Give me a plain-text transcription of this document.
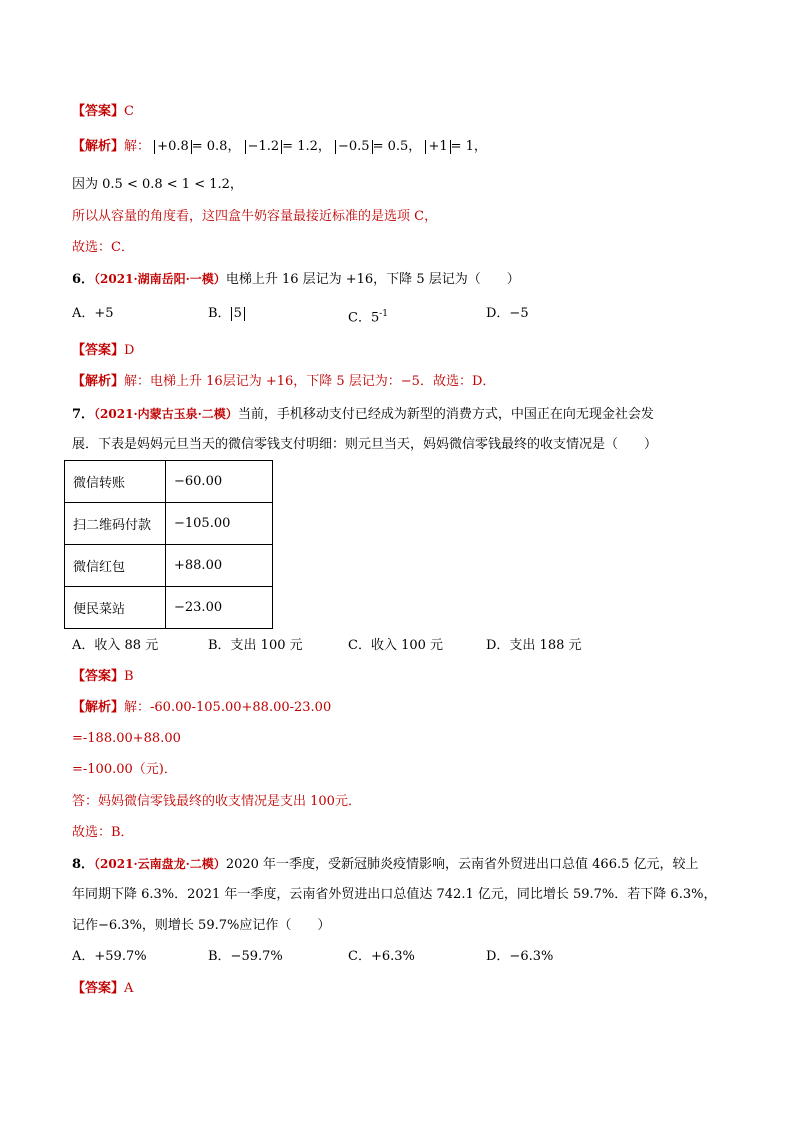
【答案】C
【解析】解： +0.8 = 0.8， −1.2 = 1.2， −0.5 = 0.5， +1 = 1，
因为 0.5 < 0.8 < 1 < 1.2，
所以从容量的角度看，这四盒牛奶容量最接近标准的是选项 C，
故选：C．
6．（2021·湖南岳阳·一模）电梯上升 16 层记为 +16，下降 5 层记为（　　）
A．+5	B． 5	C．$5^{-1}$	D．−5
【答案】D
【解析】解：电梯上升 16层记为 +16，下降 5 层记为：−5．故选：D．
7．（2021·内蒙古玉泉·二模）当前，手机移动支付已经成为新型的消费方式，中国正在向无现金社会发
展．下表是妈妈元旦当天的微信零钱支付明细：则元旦当天，妈妈微信零钱最终的收支情况是（　　）
微信转账	−60.00
扫二维码付款	−105.00
微信红包	+88.00
便民菜站	−23.00
A．收入 88 元	B．支出 100 元	C．收入 100 元	D．支出 188 元
【答案】B
【解析】解：-60.00-105.00+88.00-23.00
=-188.00+88.00
=-100.00（元)．
答：妈妈微信零钱最终的收支情况是支出 100元．
故选：B．
8．（2021·云南盘龙·二模）2020 年一季度，受新冠肺炎疫情影响，云南省外贸进出口总值 466.5 亿元，较上
年同期下降 6.3%．2021 年一季度，云南省外贸进出口总值达 742.1 亿元，同比增长 59.7%．若下降 6.3%，
记作−6.3%，则增长 59.7%应记作（　　）
A．+59.7%	B．−59.7%	C．+6.3%	D．−6.3%
【答案】A
